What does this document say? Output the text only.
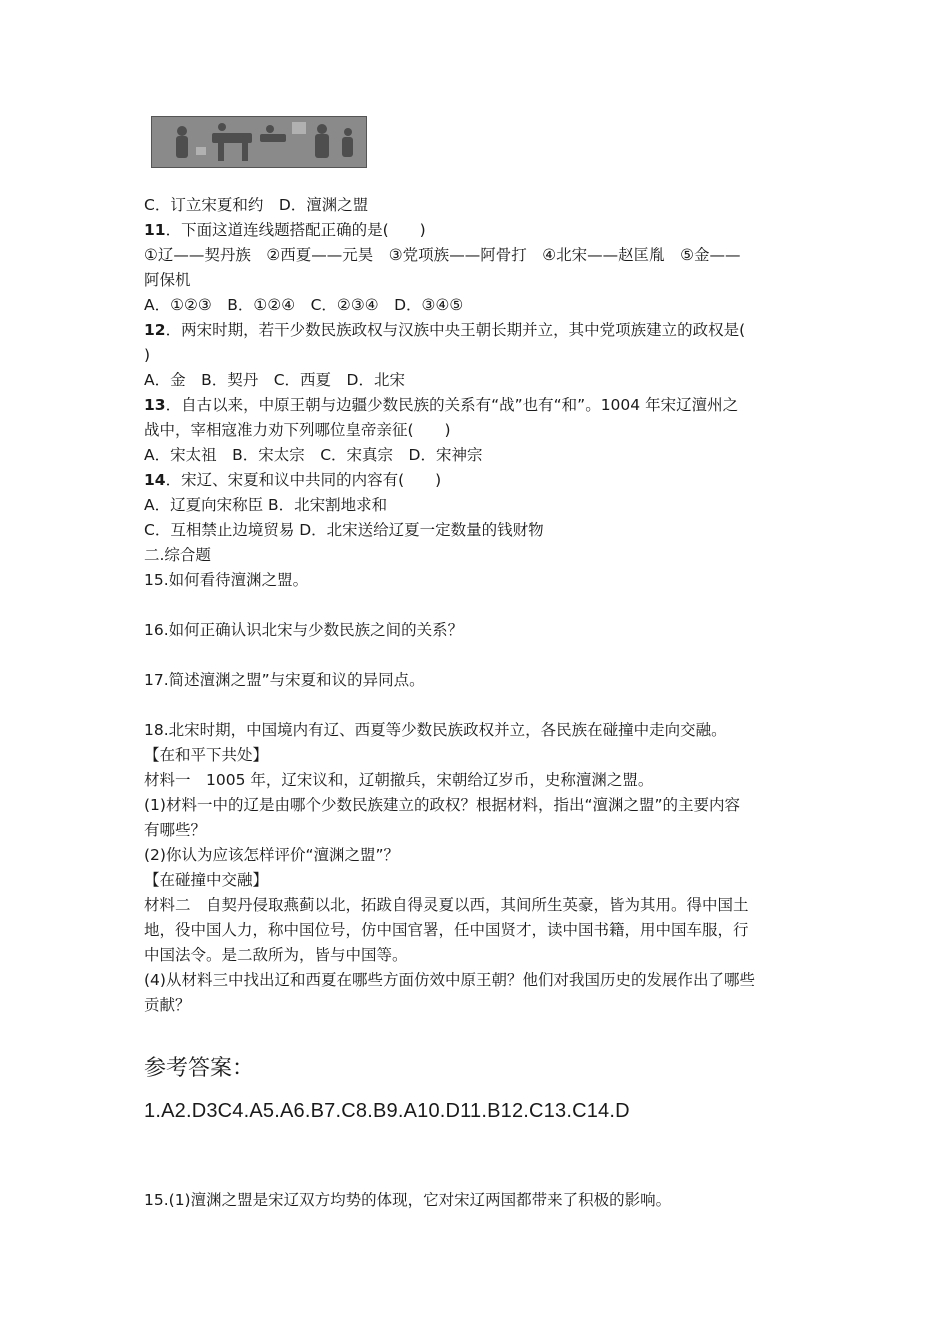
C．订立宋夏和约　D．澶渊之盟
11．下面这道连线题搭配正确的是(　　)
①辽——契丹族　②西夏——元昊　③党项族——阿骨打　④北宋——赵匡胤　⑤金——
阿保机
A．①②③　B．①②④　C．②③④　D．③④⑤
12．两宋时期，若干少数民族政权与汉族中央王朝长期并立，其中党项族建立的政权是(
)
A．金　B．契丹　C．西夏　D．北宋
13．自古以来，中原王朝与边疆少数民族的关系有“战”也有“和”。1004 年宋辽澶州之
战中，宰相寇准力劝下列哪位皇帝亲征(　　)
A．宋太祖　B．宋太宗　C．宋真宗　D．宋神宗
14．宋辽、宋夏和议中共同的内容有(　　)
A．辽夏向宋称臣 B．北宋割地求和
C．互相禁止边境贸易 D．北宋送给辽夏一定数量的钱财物
二.综合题
15.如何看待澶渊之盟。
16.如何正确认识北宋与少数民族之间的关系？
17.简述澶渊之盟”与宋夏和议的异同点。
18.北宋时期，中国境内有辽、西夏等少数民族政权并立，各民族在碰撞中走向交融。
【在和平下共处】
材料一　1005 年，辽宋议和，辽朝撤兵，宋朝给辽岁币，史称澶渊之盟。
(1)材料一中的辽是由哪个少数民族建立的政权？根据材料，指出“澶渊之盟”的主要内容
有哪些？
(2)你认为应该怎样评价“澶渊之盟”？
【在碰撞中交融】
材料二　自契丹侵取燕蓟以北，拓跋自得灵夏以西，其间所生英豪，皆为其用。得中国土
地，役中国人力，称中国位号，仿中国官署，任中国贤才，读中国书籍，用中国车服，行
中国法令。是二敌所为，皆与中国等。
(4)从材料三中找出辽和西夏在哪些方面仿效中原王朝？他们对我国历史的发展作出了哪些
贡献？
参考答案：
1.A2.D3C4.A5.A6.B7.C8.B9.A10.D11.B12.C13.C14.D
15.(1)澶渊之盟是宋辽双方均势的体现，它对宋辽两国都带来了积极的影响。
